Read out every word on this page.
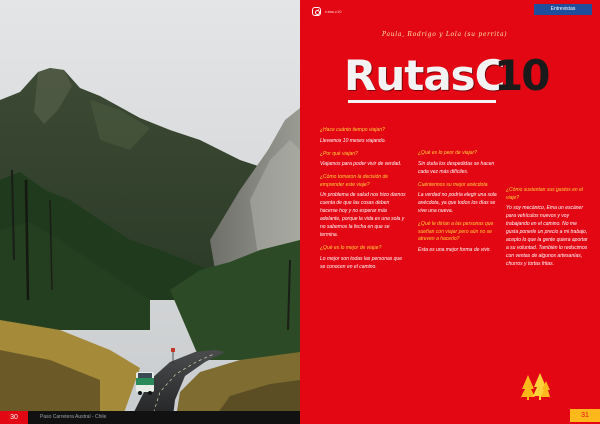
30	Paso Carretera Austral - Chile
rutas.c10	Entrevistas
Paula, Rodrigo y Lola (su perrita)
RutasC
10
¿Hace cuánto tiempo viajan?
Llevamos 10 meses viajando.
¿Por qué viajan?
Viajamos para poder vivir de verdad.
¿Cómo tomaron la decisión de emprender este viaje?
Un problema de salud nos hizo darnos cuenta de que las cosas deben hacerse hoy y no esperar más adelante, porque la vida es una sola y no sabemos la fecha en que se termina.
¿Qué es lo mejor de viajar?
Lo mejor son todas las personas que se conocen en el camino.
¿Qué es lo peor de viajar?
Sin duda los despedidas se hacen cada vez más difíciles.
Cuéntennos su mejor anécdota
La verdad no podría elegir una sola anécdota, ya que todos los días se vive una nueva.
¿Qué le dirían a las personas que sueñan con viajar pero aún no se atreven a hacerlo?
Esta es una mejor forma de vivir.
¿Cómo sustentan sus gastos en el viaje?
Yo soy mecánico, Ema un escáner para vehículos nuevos y voy trabajando en el camino. No me gusta ponerle un precio a mi trabajo, acepto lo que la gente quiera aportar a su voluntad. También lo reducimos con ventas de algunos artesanías, churros y tortas fritas.
31
